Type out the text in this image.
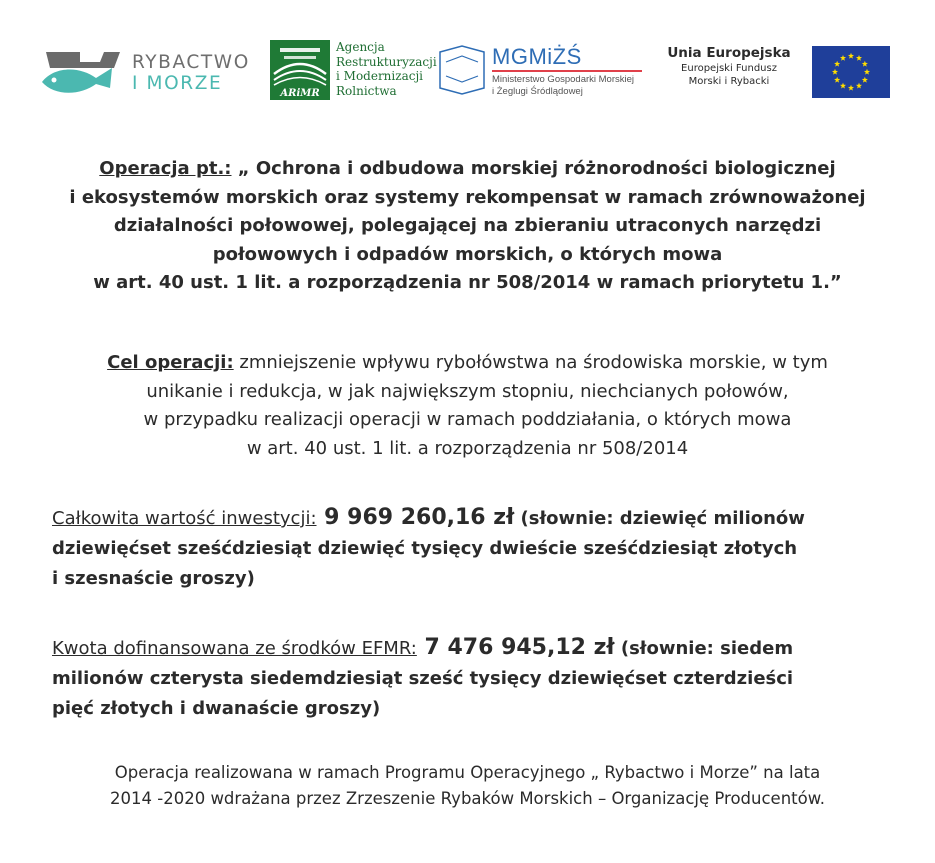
RYBACTWO
I MORZE	ARiMR
Agencja
Restrukturyzacji
i Modernizacji
Rolnictwa
MGMiŻŚ
Ministerstwo Gospodarki Morskiej
i Żeglugi Śródlądowej
Unia Europejska
Europejski Fundusz
Morski i Rybacki

Operacja pt.: „ Ochrona i odbudowa morskiej różnorodności biologicznej

i ekosystemów morskich oraz systemy rekompensat w ramach zrównoważonej

działalności połowowej, polegającej na zbieraniu utraconych narzędzi

połowowych i odpadów morskich, o których mowa

w art. 40 ust. 1 lit. a rozporządzenia nr 508/2014 w ramach priorytetu 1.”

Cel operacji: zmniejszenie wpływu rybołówstwa na środowiska morskie, w tym

unikanie i redukcja, w jak największym stopniu, niechcianych połowów,

w przypadku realizacji operacji w ramach poddziałania, o których mowa

w art. 40 ust. 1 lit. a rozporządzenia nr 508/2014

Całkowita wartość inwestycji: 9 969 260,16 zł (słownie: dziewięć milionów

dziewięćset sześćdziesiąt dziewięć tysięcy dwieście sześćdziesiąt złotych

i szesnaście groszy)

Kwota dofinansowana ze środków EFMR: 7 476 945,12 zł (słownie: siedem

milionów czterysta siedemdziesiąt sześć tysięcy dziewięćset czterdzieści

pięć złotych i dwanaście groszy)

Operacja realizowana w ramach Programu Operacyjnego „ Rybactwo i Morze” na lata

2014 -2020 wdrażana przez Zrzeszenie Rybaków Morskich – Organizację Producentów.
